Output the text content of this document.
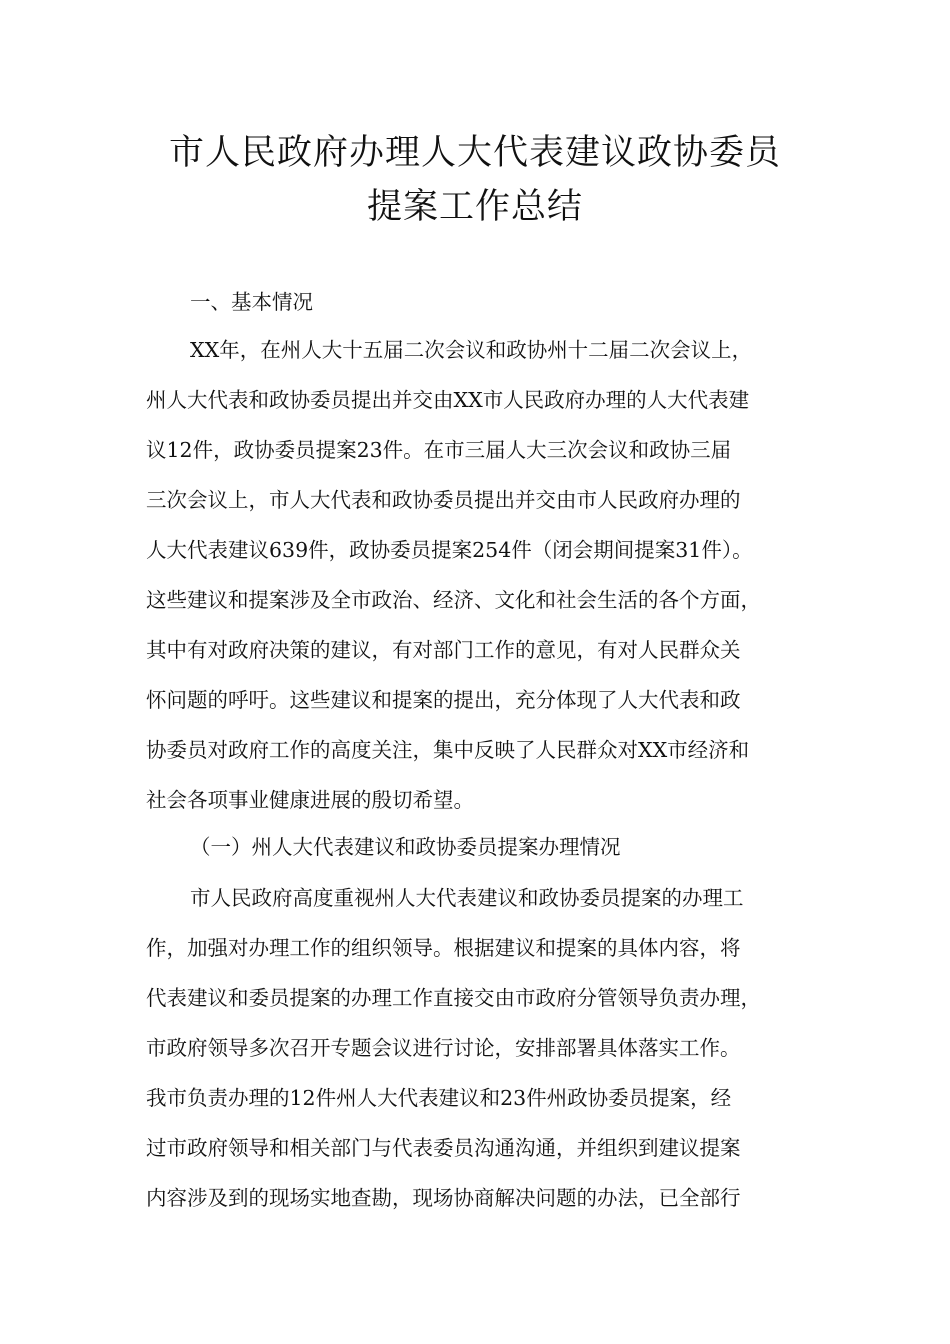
市人民政府办理人大代表建议政协委员
提案工作总结
一、基本情况
XX年，在州人大十五届二次会议和政协州十二届二次会议上，
州人大代表和政协委员提出并交由XX市人民政府办理的人大代表建
议12件，政协委员提案23件。在市三届人大三次会议和政协三届
三次会议上，市人大代表和政协委员提出并交由市人民政府办理的
人大代表建议639件，政协委员提案254件（闭会期间提案31件）。
这些建议和提案涉及全市政治、经济、文化和社会生活的各个方面，
其中有对政府决策的建议，有对部门工作的意见，有对人民群众关
怀问题的呼吁。这些建议和提案的提出，充分体现了人大代表和政
协委员对政府工作的高度关注，集中反映了人民群众对XX市经济和
社会各项事业健康进展的殷切希望。
（一）州人大代表建议和政协委员提案办理情况
市人民政府高度重视州人大代表建议和政协委员提案的办理工
作，加强对办理工作的组织领导。根据建议和提案的具体内容，将
代表建议和委员提案的办理工作直接交由市政府分管领导负责办理，
市政府领导多次召开专题会议进行讨论，安排部署具体落实工作。
我市负责办理的12件州人大代表建议和23件州政协委员提案，经
过市政府领导和相关部门与代表委员沟通沟通，并组织到建议提案
内容涉及到的现场实地查勘，现场协商解决问题的办法，已全部行
